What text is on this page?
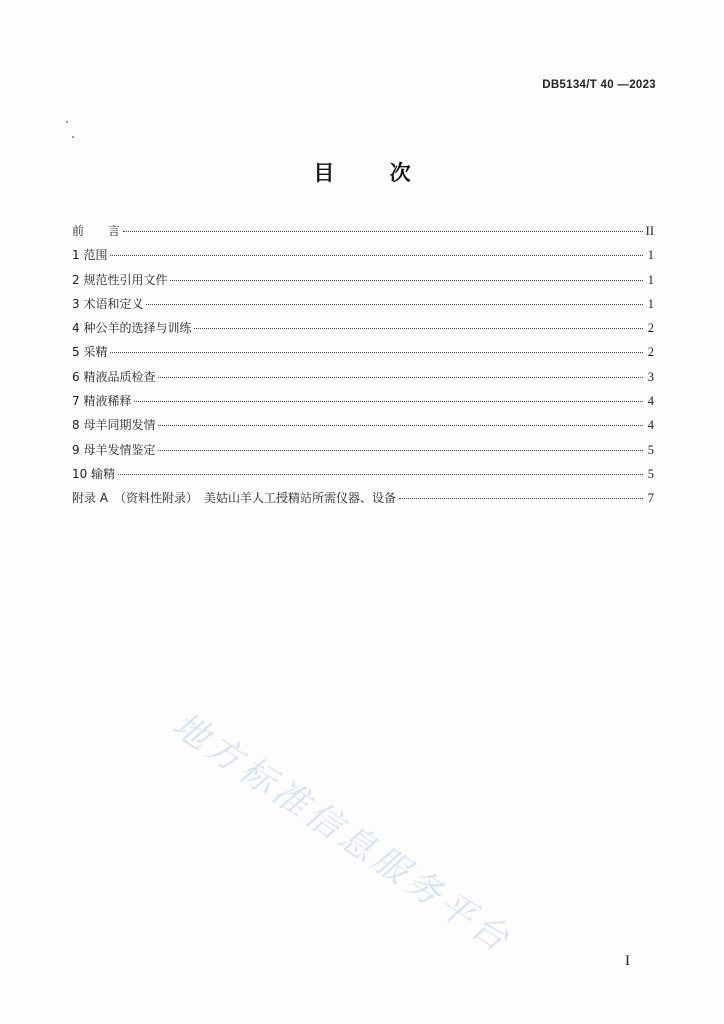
DB5134/T 40 —2023
目 次
前　　言	II
1 范围	1
2 规范性引用文件	1
3 术语和定义	1
4 种公羊的选择与训练	2
5 采精	2
6 精液品质检查	3
7 精液稀释	4
8 母羊同期发情	4
9 母羊发情鉴定	5
10 输精	5
附录 A　（资料性附录）　美姑山羊人工授精站所需仪器、设备	7
地方标准信息服务平台	I
